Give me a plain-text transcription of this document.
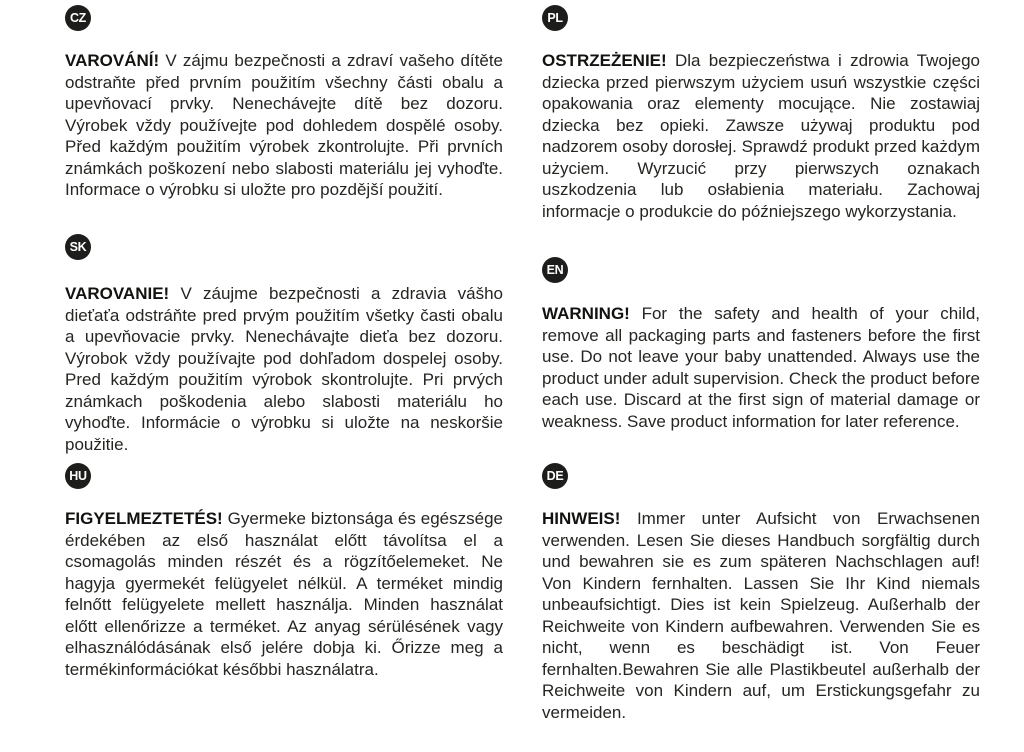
CZ

VAROVÁNÍ! V zájmu bezpečnosti a zdraví vašeho dítěte odstraňte před prvním použitím všechny části obalu a upevňovací prvky. Nenechávejte dítě bez dozoru. Výrobek vždy používejte pod dohledem dospělé osoby. Před každým použitím výrobek zkontrolujte. Při prvních známkách poškození nebo slabosti materiálu jej vyhoďte. Informace o výrobku si uložte pro pozdější použití.

SK

VAROVANIE! V záujme bezpečnosti a zdravia vášho dieťaťa odstráňte pred prvým použitím všetky časti obalu a upevňovacie prvky. Nenechávajte dieťa bez dozoru. Výrobok vždy používajte pod dohľadom dospelej osoby. Pred každým použitím výrobok skontrolujte. Pri prvých známkach poškodenia alebo slabosti materiálu ho vyhoďte. Informácie o výrobku si uložte na neskoršie použitie.

HU

FIGYELMEZTETÉS! Gyermeke biztonsága és egészsége érdekében az első használat előtt távolítsa el a csomagolás minden részét és a rögzítőelemeket. Ne hagyja gyermekét felügyelet nélkül. A terméket mindig felnőtt felügyelete mellett használja. Minden használat előtt ellenőrizze a terméket. Az anyag sérülésének vagy elhasználódásának első jelére dobja ki. Őrizze meg a termékinformációkat későbbi használatra.

PL

OSTRZEŻENIE! Dla bezpieczeństwa i zdrowia Twojego dziecka przed pierwszym użyciem usuń wszystkie części opakowania oraz elementy mocujące. Nie zostawiaj dziecka bez opieki. Zawsze używaj produktu pod nadzorem osoby dorosłej. Sprawdź produkt przed każdym użyciem. Wyrzucić przy pierwszych oznakach uszkodzenia lub osłabienia materiału. Zachowaj informacje o produkcie do późniejszego wykorzystania.

EN

WARNING! For the safety and health of your child, remove all packaging parts and fasteners before the first use. Do not leave your baby unattended. Always use the product under adult supervision. Check the product before each use. Discard at the first sign of material damage or weakness. Save product information for later reference.

DE

HINWEIS! Immer unter Aufsicht von Erwachsenen verwenden. Lesen Sie dieses Handbuch sorgfältig durch und bewahren sie es zum späteren Nachschlagen auf! Von Kindern fernhalten. Lassen Sie Ihr Kind niemals unbeaufsichtigt. Dies ist kein Spielzeug. Außerhalb der Reichweite von Kindern aufbewahren. Verwenden Sie es nicht, wenn es beschädigt ist. Von Feuer fernhalten.Bewahren Sie alle Plastikbeutel außerhalb der Reichweite von Kindern auf, um Erstickungsgefahr zu vermeiden.
